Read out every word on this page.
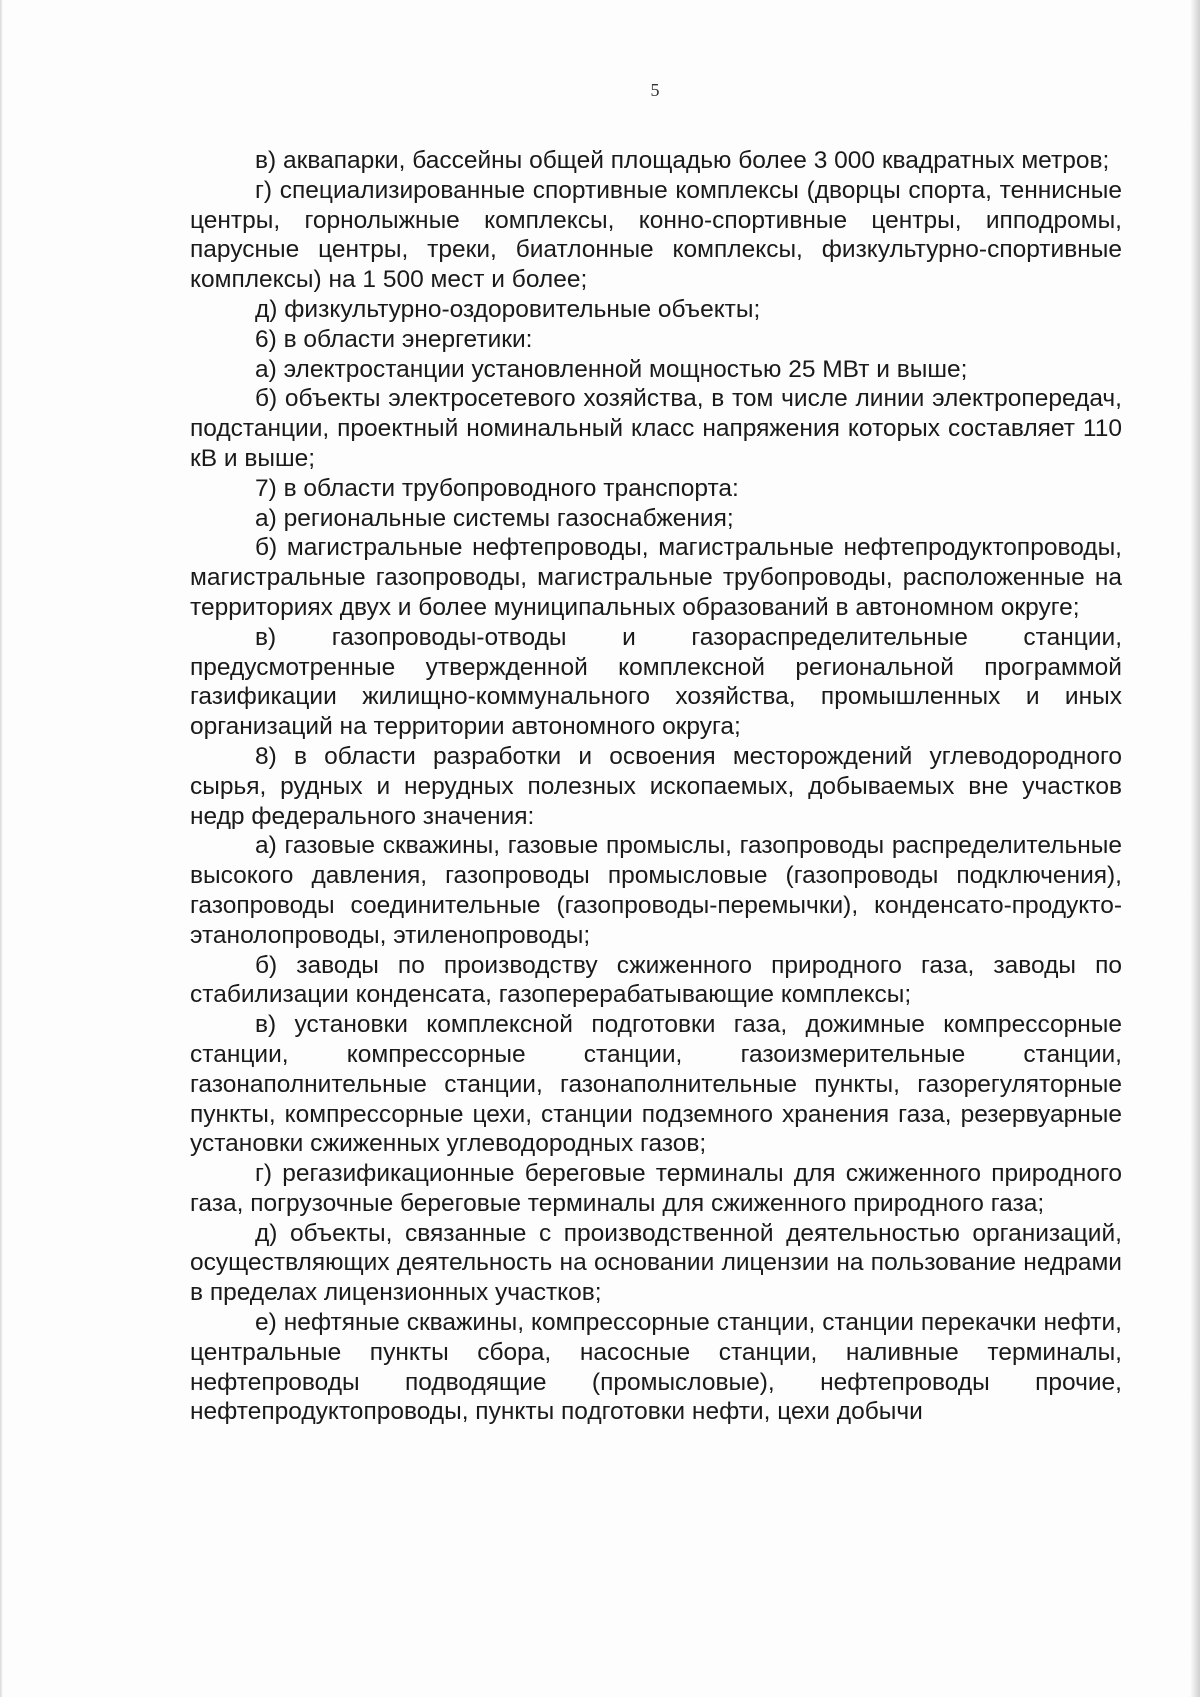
5

в) аквапарки, бассейны общей площадью более 3 000 квадратных метров;

г) специализированные спортивные комплексы (дворцы спорта, теннисные центры, горнолыжные комплексы, конно-спортивные центры, ипподромы, парусные центры, треки, биатлонные комплексы, физкультурно-спортивные комплексы) на 1 500 мест и более;

д) физкультурно-оздоровительные объекты;

6) в области энергетики:

а) электростанции установленной мощностью 25 МВт и выше;

б) объекты электросетевого хозяйства, в том числе линии электропередач, подстанции, проектный номинальный класс напряжения которых составляет 110 кВ и выше;

7) в области трубопроводного транспорта:

а) региональные системы газоснабжения;

б) магистральные нефтепроводы, магистральные нефтепродуктопроводы, магистральные газопроводы, магистральные трубопроводы, расположенные на территориях двух и более муниципальных образований в автономном округе;

в) газопроводы-отводы и газораспределительные станции, предусмотренные утвержденной комплексной региональной программой газификации жилищно-коммунального хозяйства, промышленных и иных организаций на территории автономного округа;

8) в области разработки и освоения месторождений углеводородного сырья, рудных и нерудных полезных ископаемых, добываемых вне участков недр федерального значения:

а) газовые скважины, газовые промыслы, газопроводы распределительные высокого давления, газопроводы промысловые (газопроводы подключения), газопроводы соединительные (газопроводы-перемычки), конденсато-продукто-этанолопроводы, этиленопроводы;

б) заводы по производству сжиженного природного газа, заводы по стабилизации конденсата, газоперерабатывающие комплексы;

в) установки комплексной подготовки газа, дожимные компрессорные станции, компрессорные станции, газоизмерительные станции, газонаполнительные станции, газонаполнительные пункты, газорегуляторные пункты, компрессорные цехи, станции подземного хранения газа, резервуарные установки сжиженных углеводородных газов;

г) регазификационные береговые терминалы для сжиженного природного газа, погрузочные береговые терминалы для сжиженного природного газа;

д) объекты, связанные с производственной деятельностью организаций, осуществляющих деятельность на основании лицензии на пользование недрами в пределах лицензионных участков;

е) нефтяные скважины, компрессорные станции, станции перекачки нефти, центральные пункты сбора, насосные станции, наливные терминалы, нефтепроводы подводящие (промысловые), нефтепроводы прочие, нефтепродуктопроводы, пункты подготовки нефти, цехи добычи
